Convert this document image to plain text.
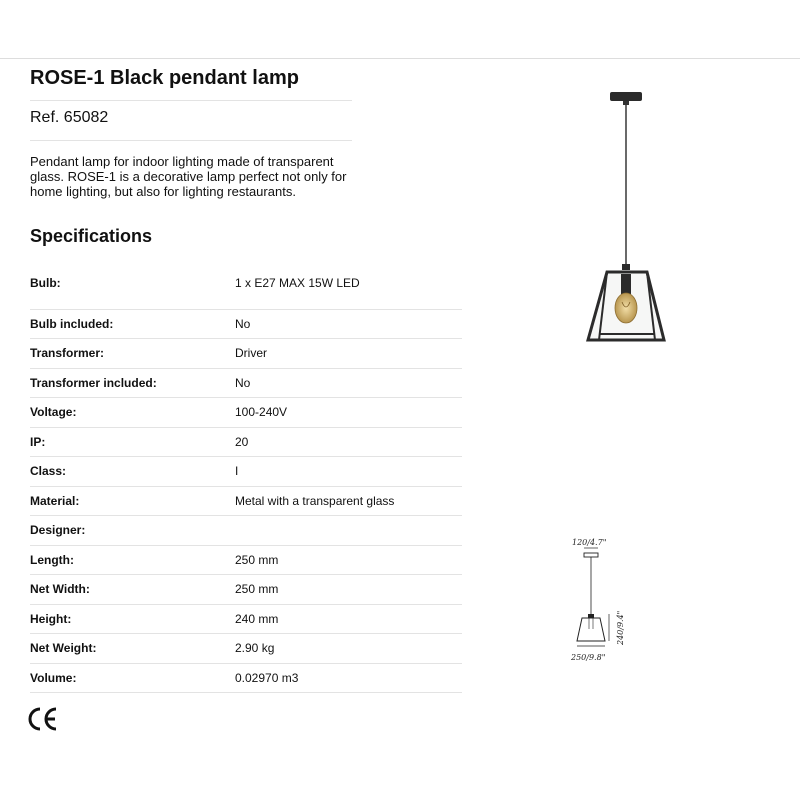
ROSE-1 Black pendant lamp
Ref. 65082

Pendant lamp for indoor lighting made of transparent glass. ROSE-1 is a decorative lamp perfect not only for home lighting, but also for lighting restaurants.

Specifications
Bulb:	1 x E27 MAX 15W LED
Bulb included:	No
Transformer:	Driver
Transformer included:	No
Voltage:	100-240V
IP:	20
Class:	I
Material:	Metal with a transparent glass
Designer:	
Length:	250 mm
Net Width:	250 mm
Height:	240 mm
Net Weight:	2.90 kg
Volume:	0.02970 m3
120/4.7"
240/9.4"
250/9.8"
